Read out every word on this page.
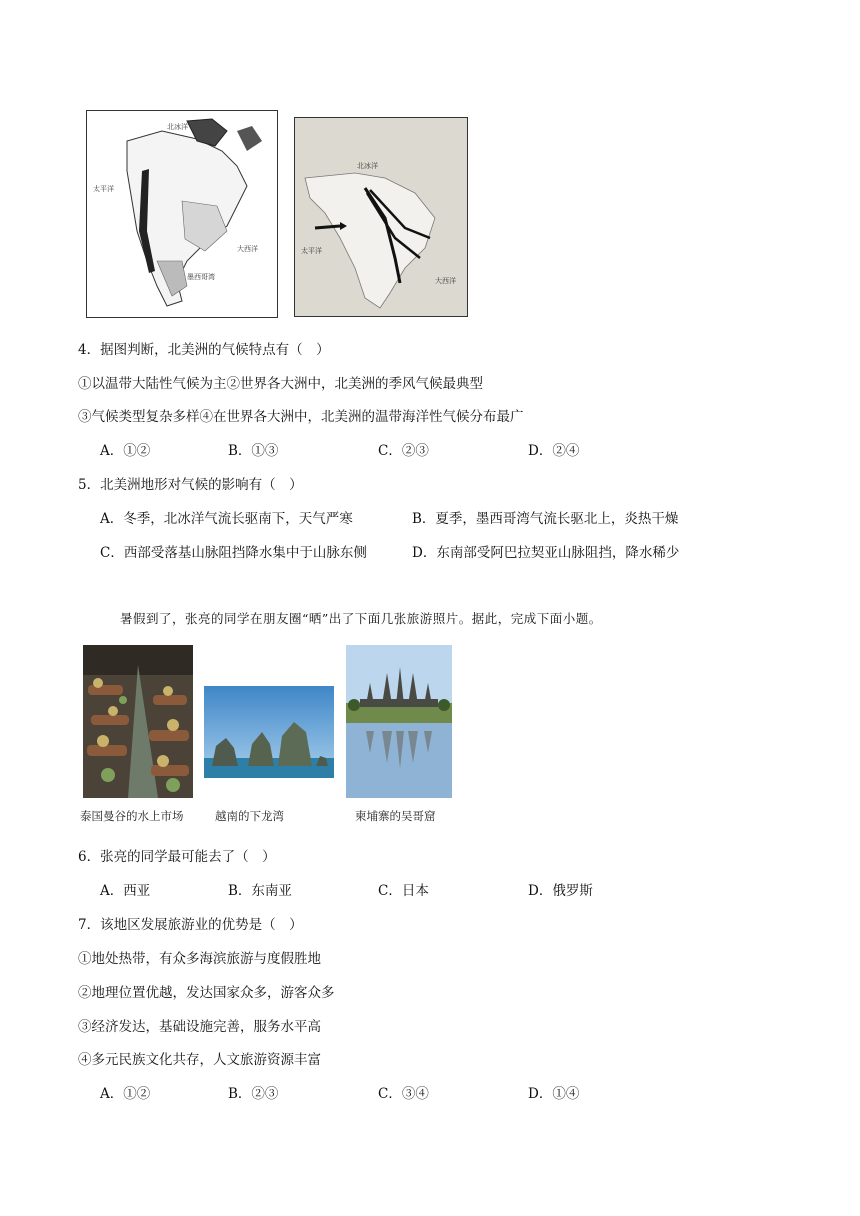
北冰洋
太平洋
大西洋
墨西哥湾
北冰洋
太平洋
大西洋
4．据图判断，北美洲的气候特点有（　）
①以温带大陆性气候为主②世界各大洲中，北美洲的季风气候最典型
③气候类型复杂多样④在世界各大洲中，北美洲的温带海洋性气候分布最广
A．①②	B．①③	C．②③	D．②④
5．北美洲地形对气候的影响有（　）
A．冬季，北冰洋气流长驱南下，天气严寒	B．夏季，墨西哥湾气流长驱北上，炎热干燥
C．西部受落基山脉阻挡降水集中于山脉东侧	D．东南部受阿巴拉契亚山脉阻挡，降水稀少
暑假到了，张亮的同学在朋友圈“晒”出了下面几张旅游照片。据此，完成下面小题。
泰国曼谷的水上市场	越南的下龙湾	柬埔寨的吴哥窟
6．张亮的同学最可能去了（　）
A．西亚	B．东南亚	C．日本	D．俄罗斯
7．该地区发展旅游业的优势是（　）
①地处热带，有众多海滨旅游与度假胜地
②地理位置优越，发达国家众多，游客众多
③经济发达，基础设施完善，服务水平高
④多元民族文化共存，人文旅游资源丰富
A．①②	B．②③	C．③④	D．①④
